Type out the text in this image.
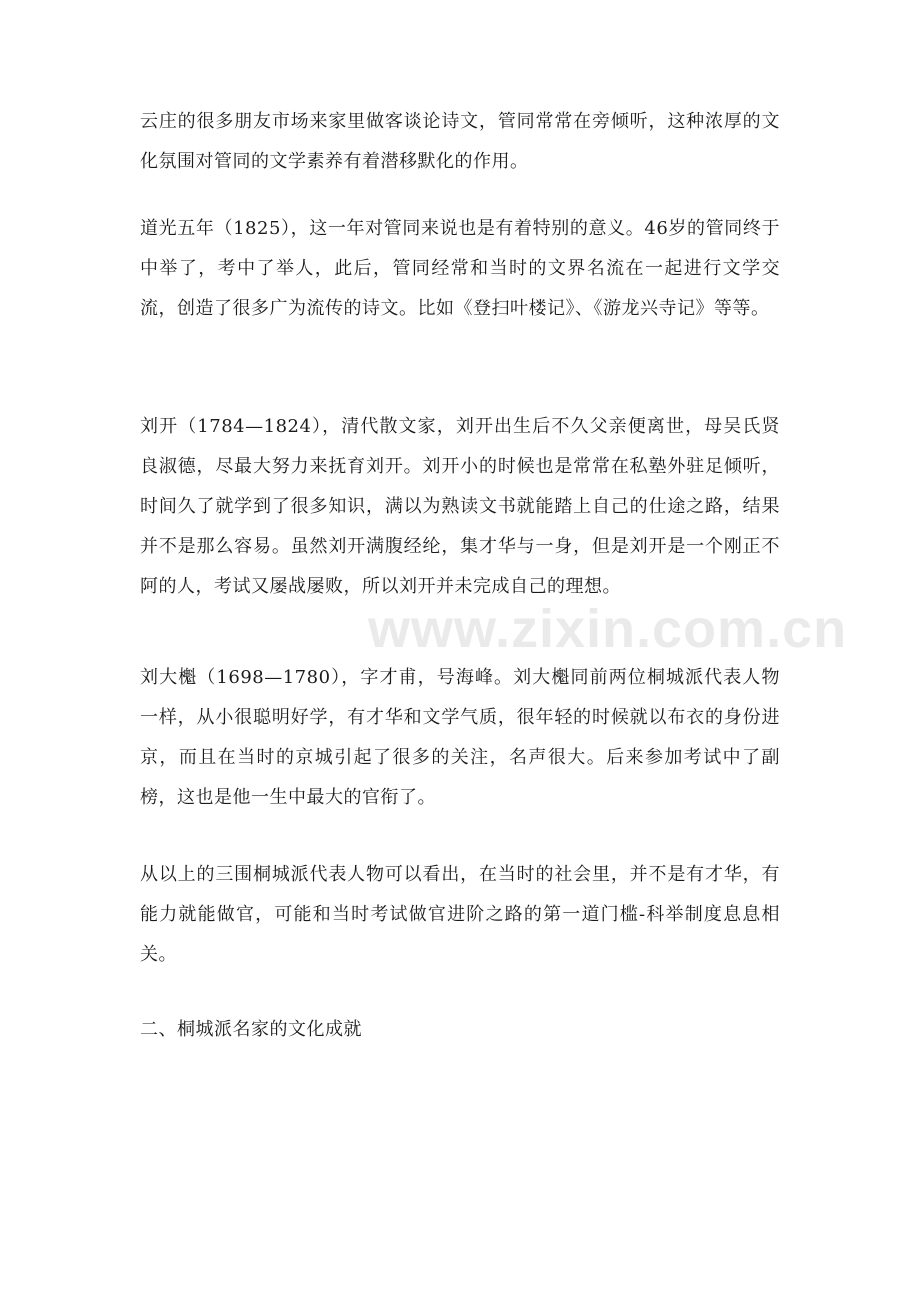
云庄的很多朋友市场来家里做客谈论诗文，管同常常在旁倾听，这种浓厚的文化氛围对管同的文学素养有着潜移默化的作用。

道光五年（1825），这一年对管同来说也是有着特别的意义。46岁的管同终于中举了，考中了举人，此后，管同经常和当时的文界名流在一起进行文学交流，创造了很多广为流传的诗文。比如《登扫叶楼记》、《游龙兴寺记》等等。

刘开（1784—1824），清代散文家，刘开出生后不久父亲便离世，母吴氏贤良淑德，尽最大努力来抚育刘开。刘开小的时候也是常常在私塾外驻足倾听，时间久了就学到了很多知识，满以为熟读文书就能踏上自己的仕途之路，结果并不是那么容易。虽然刘开满腹经纶，集才华与一身，但是刘开是一个刚正不阿的人，考试又屡战屡败，所以刘开并未完成自己的理想。

刘大櫆（1698—1780），字才甫，号海峰。刘大櫆同前两位桐城派代表人物一样，从小很聪明好学，有才华和文学气质，很年轻的时候就以布衣的身份进京，而且在当时的京城引起了很多的关注，名声很大。后来参加考试中了副榜，这也是他一生中最大的官衔了。

从以上的三围桐城派代表人物可以看出，在当时的社会里，并不是有才华，有能力就能做官，可能和当时考试做官进阶之路的第一道门槛-科举制度息息相关。

二、桐城派名家的文化成就
www.zixin.com.cn
